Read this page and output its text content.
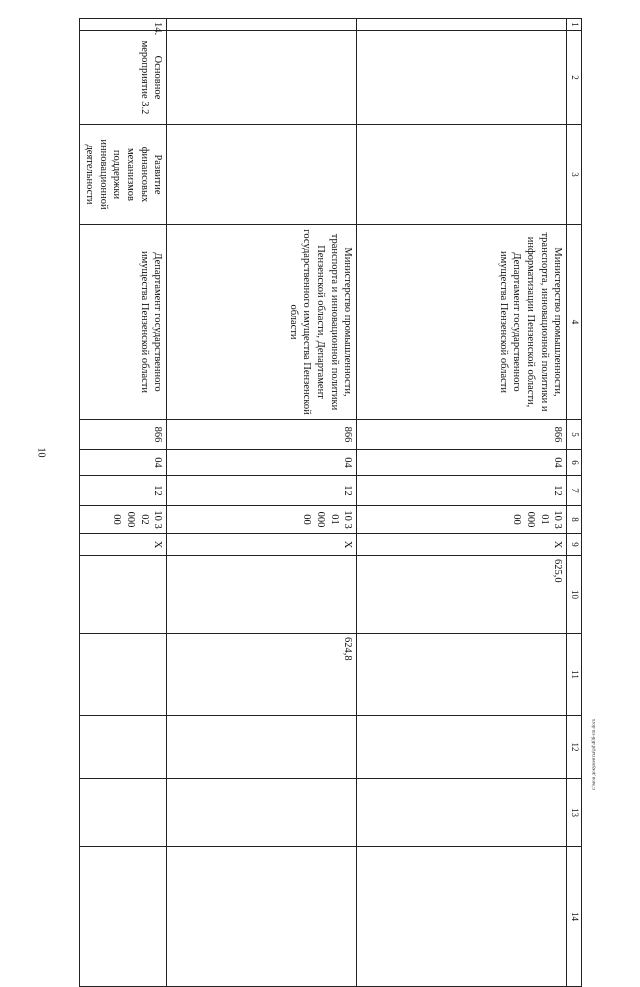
10
1	2	3	4	5	6	7	8	9	10	11	12	13	14
			Министерство промышленности, транспорта, инновационной политики и информатизации Пензенской области, Департамент государственного имущества Пензенской области	866	04	12	10 3 01 000 00	X	625,0				
			Министерство промышленности, транспорта и инновационной политики Пензенской области, Департамент государственного имущества Пензенской области	866	04	12	10 3 01 000 00	X		624,8			
14.	Основное мероприятие 3.2	Развитие финансовых механизмов поддержки инновационной деятельности	Департамент государственного имущества Пензенской области	866	04	12	10 3 02 000 00	X					
c:\мои документы\pd\406-пп.docx
